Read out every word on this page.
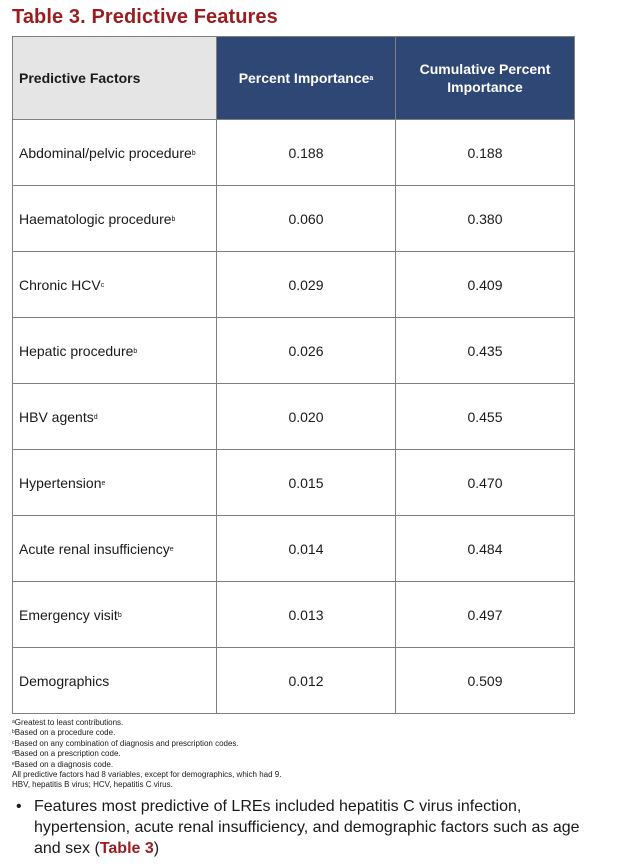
Table 3. Predictive Features
Predictive Factors	Percent Importance$^a$	Cumulative Percent Importance
Abdominal/pelvic procedure$^b$	0.188	0.188
Haematologic procedure$^b$	0.060	0.380
Chronic HCV$^c$	0.029	0.409
Hepatic procedure$^b$	0.026	0.435
HBV agents$^d$	0.020	0.455
Hypertension$^e$	0.015	0.470
Acute renal insufficiency$^e$	0.014	0.484
Emergency visit$^b$	0.013	0.497
Demographics	0.012	0.509
$^a$Greatest to least contributions.
$^b$Based on a procedure code.
$^c$Based on any combination of diagnosis and prescription codes.
$^d$Based on a prescription code.
$^e$Based on a diagnosis code.
All predictive factors had 8 variables, except for demographics, which had 9.
HBV, hepatitis B virus; HCV, hepatitis C virus.
• Features most predictive of LREs included hepatitis C virus infection, hypertension, acute renal insufficiency, and demographic factors such as age and sex (Table 3)
